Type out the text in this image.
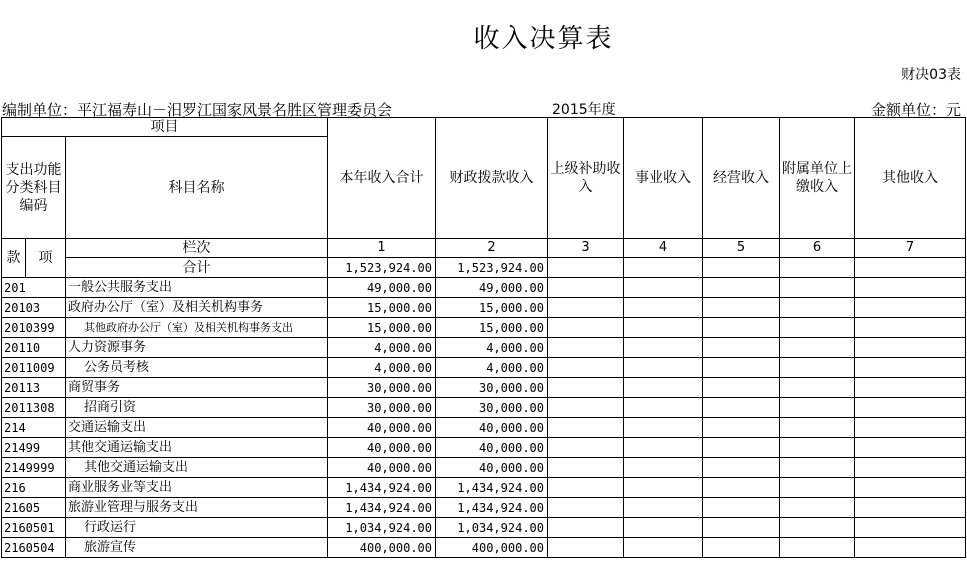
收入决算表
财决03表
编制单位：平江福寿山－汨罗江国家风景名胜区管理委员会	2015年度	金额单位：元
项目			本年收入合计	财政拨款收入	上级补助收入	事业收入	经营收入	附属单位上缴收入	其他收入
支出功能分类科目编码		科目名称							
款	项	栏次	1	2	3	4	5	6	7
		合计	1,523,924.00	1,523,924.00					
201		一般公共服务支出	49,000.00	49,000.00					
20103		政府办公厅（室）及相关机构事务	15,000.00	15,000.00					
2010399		其他政府办公厅（室）及相关机构事务支出	15,000.00	15,000.00					
20110		人力资源事务	4,000.00	4,000.00					
2011009		公务员考核	4,000.00	4,000.00					
20113		商贸事务	30,000.00	30,000.00					
2011308		招商引资	30,000.00	30,000.00					
214		交通运输支出	40,000.00	40,000.00					
21499		其他交通运输支出	40,000.00	40,000.00					
2149999		其他交通运输支出	40,000.00	40,000.00					
216		商业服务业等支出	1,434,924.00	1,434,924.00					
21605		旅游业管理与服务支出	1,434,924.00	1,434,924.00					
2160501		行政运行	1,034,924.00	1,034,924.00					
2160504		旅游宣传	400,000.00	400,000.00					
